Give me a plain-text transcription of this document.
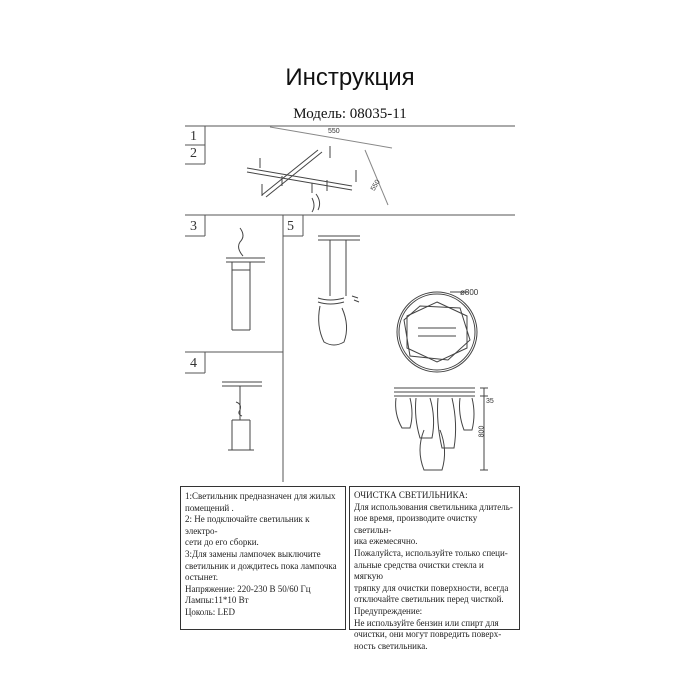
Инструкция
Модель: 08035-11
1
2
3
4
5
550
ø800
35
550
800

1:Светильник предназначен для жилых

помещений .

2: Не подключайте светильник к электро-

сети до его сборки.

3:Для замены лампочек выключите

светильник и дождитесь пока лампочка

остынет.

Напряжение: 220-230 В 50/60 Гц

Лампы:11*10 Вт

Цоколь: LED

ОЧИСТКА СВЕТИЛЬНИКА:

Для использования светильника длитель-

ное время, производите очистку светильн-

ика ежемесячно.

Пожалуйста, используйте только специ-

альные средства очистки стекла и мягкую

тряпку для очистки поверхности, всегда

отключайте светильник перед чисткой.

Предупреждение:

Не используйте бензин или спирт для

очистки, они могут повредить поверх-

ность светильника.
